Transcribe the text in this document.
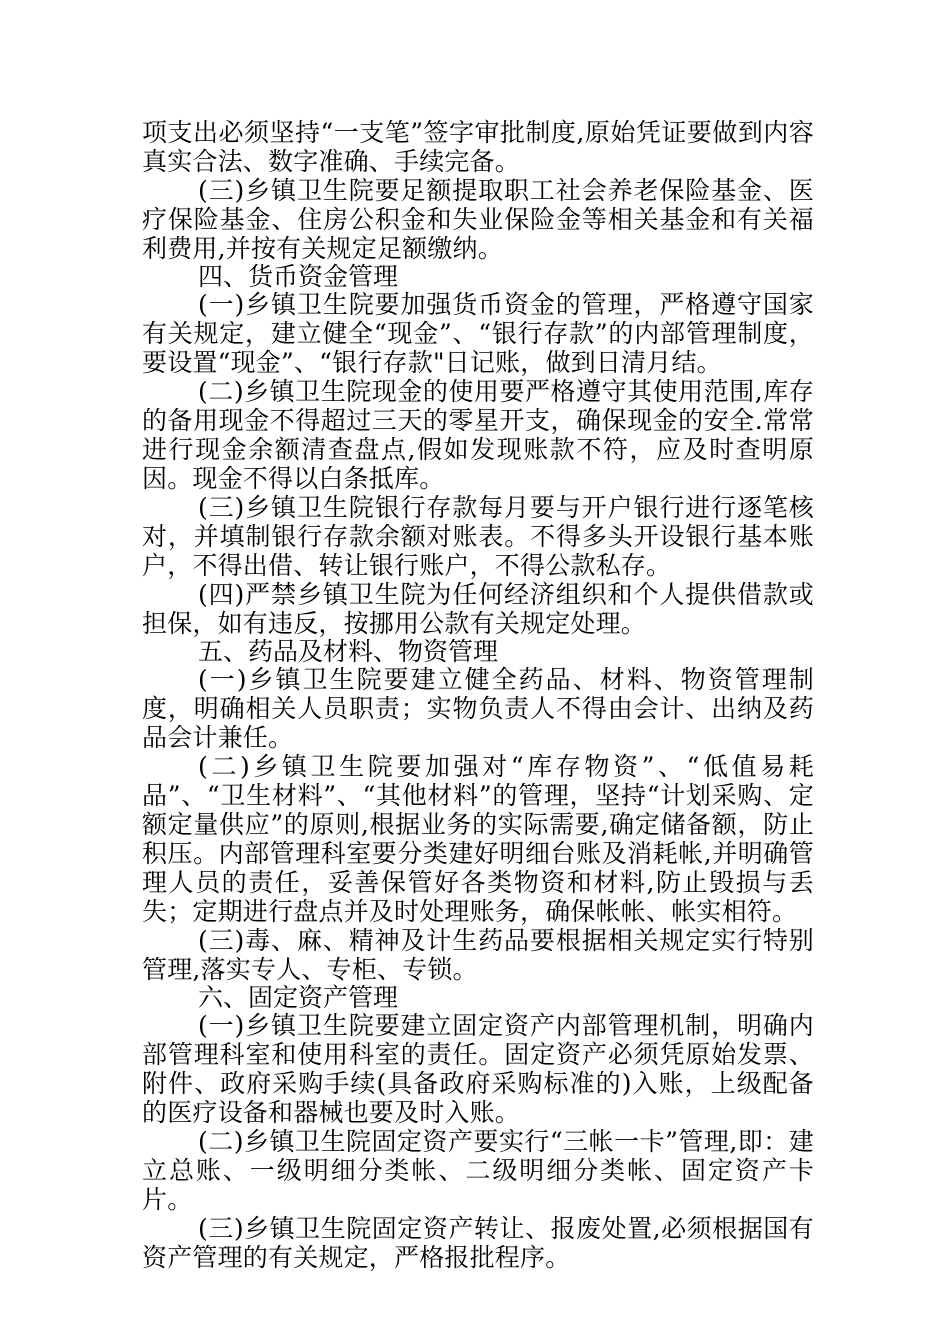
项支出必须坚持“一支笔”签字审批制度,原始凭证要做到内容真实合法、数字准确、手续完备。

(三)乡镇卫生院要足额提取职工社会养老保险基金、医疗保险基金、住房公积金和失业保险金等相关基金和有关福利费用,并按有关规定足额缴纳。

四、货币资金管理

(一)乡镇卫生院要加强货币资金的管理，严格遵守国家有关规定，建立健全“现金”、“银行存款”的内部管理制度，要设置“现金”、“银行存款"日记账，做到日清月结。

(二)乡镇卫生院现金的使用要严格遵守其使用范围,库存的备用现金不得超过三天的零星开支，确保现金的安全.常常进行现金余额清查盘点,假如发现账款不符，应及时查明原因。现金不得以白条抵库。

(三)乡镇卫生院银行存款每月要与开户银行进行逐笔核对，并填制银行存款余额对账表。不得多头开设银行基本账户，不得出借、转让银行账户，不得公款私存。

(四)严禁乡镇卫生院为任何经济组织和个人提供借款或担保，如有违反，按挪用公款有关规定处理。

五、药品及材料、物资管理

(一)乡镇卫生院要建立健全药品、材料、物资管理制度，明确相关人员职责；实物负责人不得由会计、出纳及药品会计兼任。

(二)乡镇卫生院要加强对“库存物资”、“低值易耗品”、“卫生材料”、“其他材料”的管理，坚持“计划采购、定额定量供应”的原则,根据业务的实际需要,确定储备额，防止积压。内部管理科室要分类建好明细台账及消耗帐,并明确管理人员的责任，妥善保管好各类物资和材料,防止毁损与丢失；定期进行盘点并及时处理账务，确保帐帐、帐实相符。

(三)毒、麻、精神及计生药品要根据相关规定实行特别管理,落实专人、专柜、专锁。

六、固定资产管理

(一)乡镇卫生院要建立固定资产内部管理机制，明确内部管理科室和使用科室的责任。固定资产必须凭原始发票、附件、政府采购手续(具备政府采购标准的)入账，上级配备的医疗设备和器械也要及时入账。

(二)乡镇卫生院固定资产要实行“三帐一卡”管理,即：建立总账、一级明细分类帐、二级明细分类帐、固定资产卡片。

(三)乡镇卫生院固定资产转让、报废处置,必须根据国有资产管理的有关规定，严格报批程序。
